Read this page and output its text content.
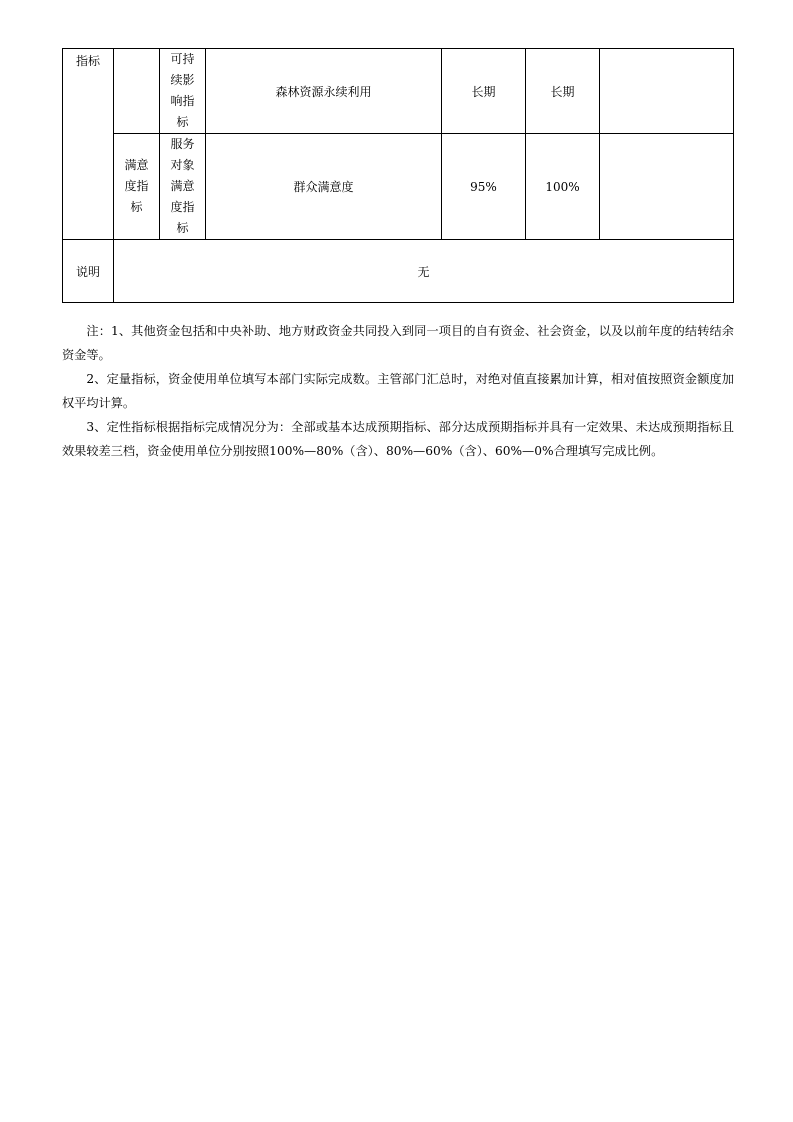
指标		可持续影响指标	森林资源永续利用	长期	长期	

	满意度指标	服务对象满意度指标	群众满意度	95%	100%	
说明	无					

注：1、其他资金包括和中央补助、地方财政资金共同投入到同一项目的自有资金、社会资金，以及以前年度的结转结余资金等。

2、定量指标，资金使用单位填写本部门实际完成数。主管部门汇总时，对绝对值直接累加计算，相对值按照资金额度加权平均计算。

3、定性指标根据指标完成情况分为：全部或基本达成预期指标、部分达成预期指标并具有一定效果、未达成预期指标且效果较差三档，资金使用单位分别按照100%—80%（含）、80%—60%（含）、60%—0%合理填写完成比例。
